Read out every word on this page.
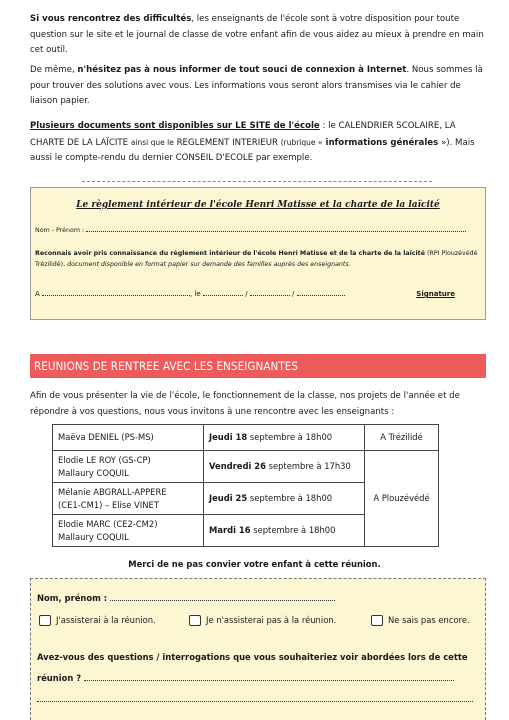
Si vous rencontrez des difficultés, les enseignants de l'école sont à votre disposition pour toute question sur le site et le journal de classe de votre enfant afin de vous aidez au mieux à prendre en main cet outil.

De même, n'hésitez pas à nous informer de tout souci de connexion à Internet. Nous sommes là pour trouver des solutions avec vous. Les informations vous seront alors transmises via le cahier de liaison papier.

Plusieurs documents sont disponibles sur LE SITE de l'école : le CALENDRIER SCOLAIRE, LA CHARTE DE LA LAÏCITE ainsi que le REGLEMENT INTERIEUR (rubrique « informations générales »). Mais aussi le compte-rendu du dernier CONSEIL D'ECOLE par exemple.

Le règlement intérieur de l'école Henri Matisse et la charte de la laïcité
Nom - Prénom :
Reconnais avoir pris connaissance du règlement intérieur de l'école Henri Matisse et de la charte de la laïcité (RPI Plouzévédé Trézilidé), document disponible en format papier sur demande des familles auprès des enseignants.
A	, le	/	/	Signature
REUNIONS DE RENTREE AVEC LES ENSEIGNANTES

Afin de vous présenter la vie de l'école, le fonctionnement de la classe, nos projets de l'année et de répondre à vos questions, nous vous invitons à une rencontre avec les enseignants :

Maëva DENIEL (PS-MS)	Jeudi 18 septembre à 18h00	A Trézilidé
Elodie LE ROY (GS-CP)
Mallaury COQUIL	Vendredi 26 septembre à 17h30	A Plouzévédé
Mélanie ABGRALL-APPERE
(CE1-CM1) – Elise VINET	Jeudi 25 septembre à 18h00	
Elodie MARC (CE2-CM2)
Mallaury COQUIL	Mardi 16 septembre à 18h00	
Merci de ne pas convier votre enfant à cette réunion.
Nom, prénom :
J'assisterai à la réunion.	Je n'assisterai pas à la réunion.	Ne sais pas encore.
Avez-vous des questions / interrogations que vous souhaiteriez voir abordées lors de cette
réunion ?
